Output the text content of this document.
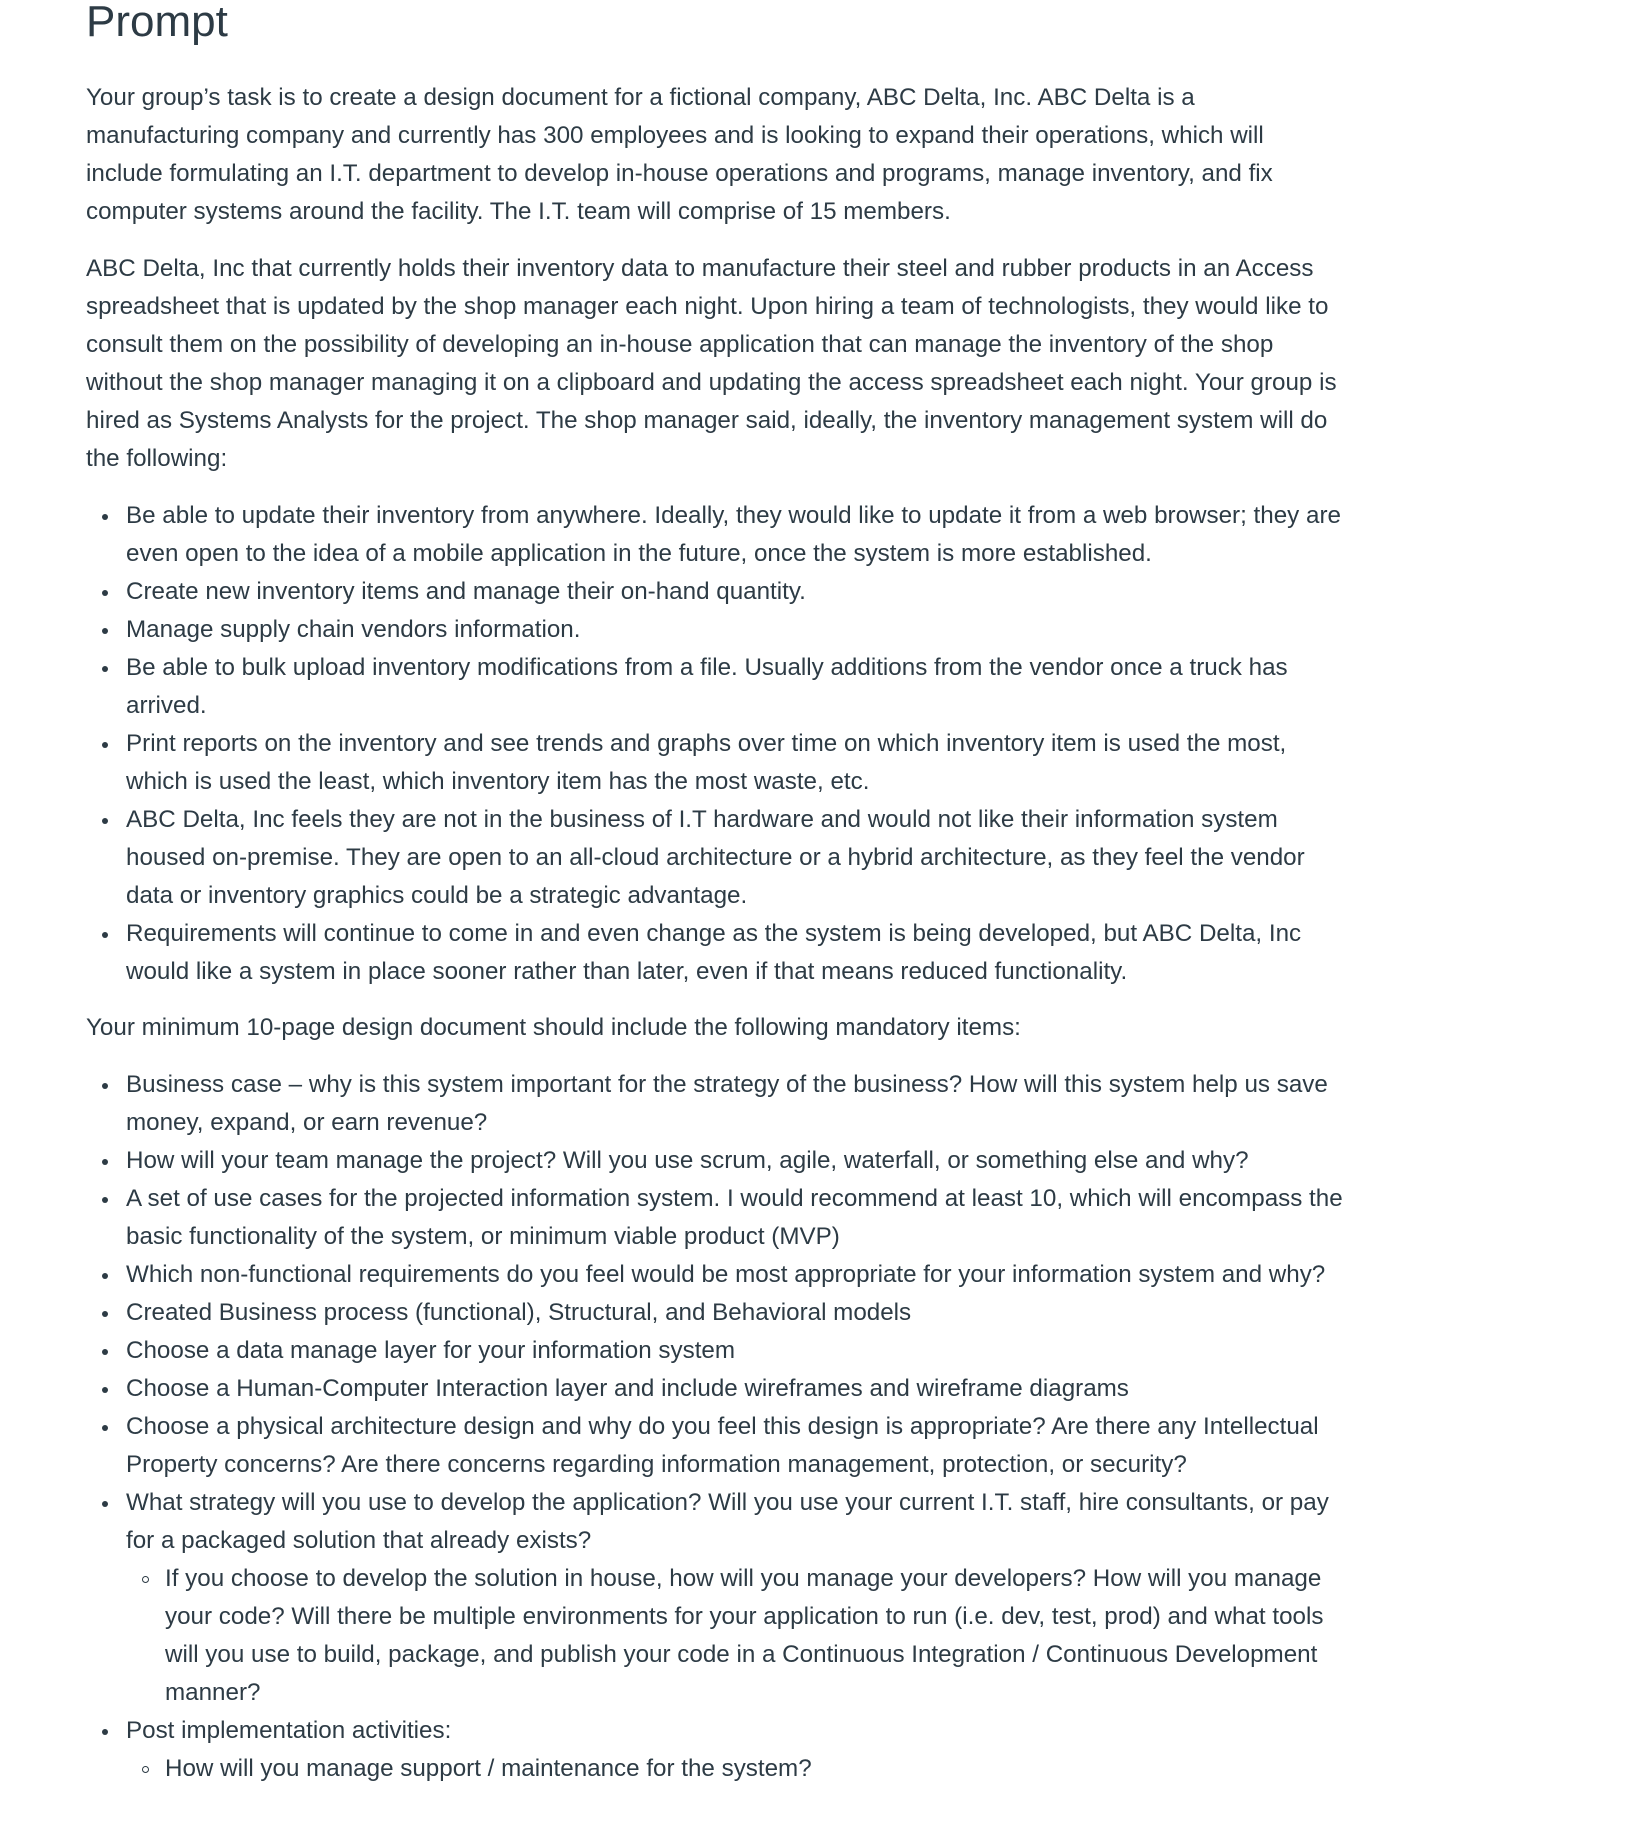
Prompt

Your group’s task is to create a design document for a fictional company, ABC Delta, Inc. ABC Delta is a manufacturing company and currently has 300 employees and is looking to expand their operations, which will include formulating an I.T. department to develop in-house operations and programs, manage inventory, and fix computer systems around the facility. The I.T. team will comprise of 15 members.

ABC Delta, Inc that currently holds their inventory data to manufacture their steel and rubber products in an Access spreadsheet that is updated by the shop manager each night. Upon hiring a team of technologists, they would like to consult them on the possibility of developing an in-house application that can manage the inventory of the shop without the shop manager managing it on a clipboard and updating the access spreadsheet each night. Your group is hired as Systems Analysts for the project. The shop manager said, ideally, the inventory management system will do the following:

Be able to update their inventory from anywhere. Ideally, they would like to update it from a web browser; they are even open to the idea of a mobile application in the future, once the system is more established.
Create new inventory items and manage their on-hand quantity.
Manage supply chain vendors information.
Be able to bulk upload inventory modifications from a file. Usually additions from the vendor once a truck has arrived.
Print reports on the inventory and see trends and graphs over time on which inventory item is used the most, which is used the least, which inventory item has the most waste, etc.
ABC Delta, Inc feels they are not in the business of I.T hardware and would not like their information system housed on-premise. They are open to an all-cloud architecture or a hybrid architecture, as they feel the vendor data or inventory graphics could be a strategic advantage.
Requirements will continue to come in and even change as the system is being developed, but ABC Delta, Inc would like a system in place sooner rather than later, even if that means reduced functionality.

Your minimum 10-page design document should include the following mandatory items:

Business case – why is this system important for the strategy of the business? How will this system help us save money, expand, or earn revenue?
How will your team manage the project? Will you use scrum, agile, waterfall, or something else and why?
A set of use cases for the projected information system. I would recommend at least 10, which will encompass the basic functionality of the system, or minimum viable product (MVP)
Which non-functional requirements do you feel would be most appropriate for your information system and why?
Created Business process (functional), Structural, and Behavioral models
Choose a data manage layer for your information system
Choose a Human-Computer Interaction layer and include wireframes and wireframe diagrams
Choose a physical architecture design and why do you feel this design is appropriate? Are there any Intellectual Property concerns? Are there concerns regarding information management, protection, or security?
What strategy will you use to develop the application? Will you use your current I.T. staff, hire consultants, or pay for a packaged solution that already exists?
If you choose to develop the solution in house, how will you manage your developers? How will you manage your code? Will there be multiple environments for your application to run (i.e. dev, test, prod) and what tools will you use to build, package, and publish your code in a Continuous Integration / Continuous Development manner?
Post implementation activities:
How will you manage support / maintenance for the system?
